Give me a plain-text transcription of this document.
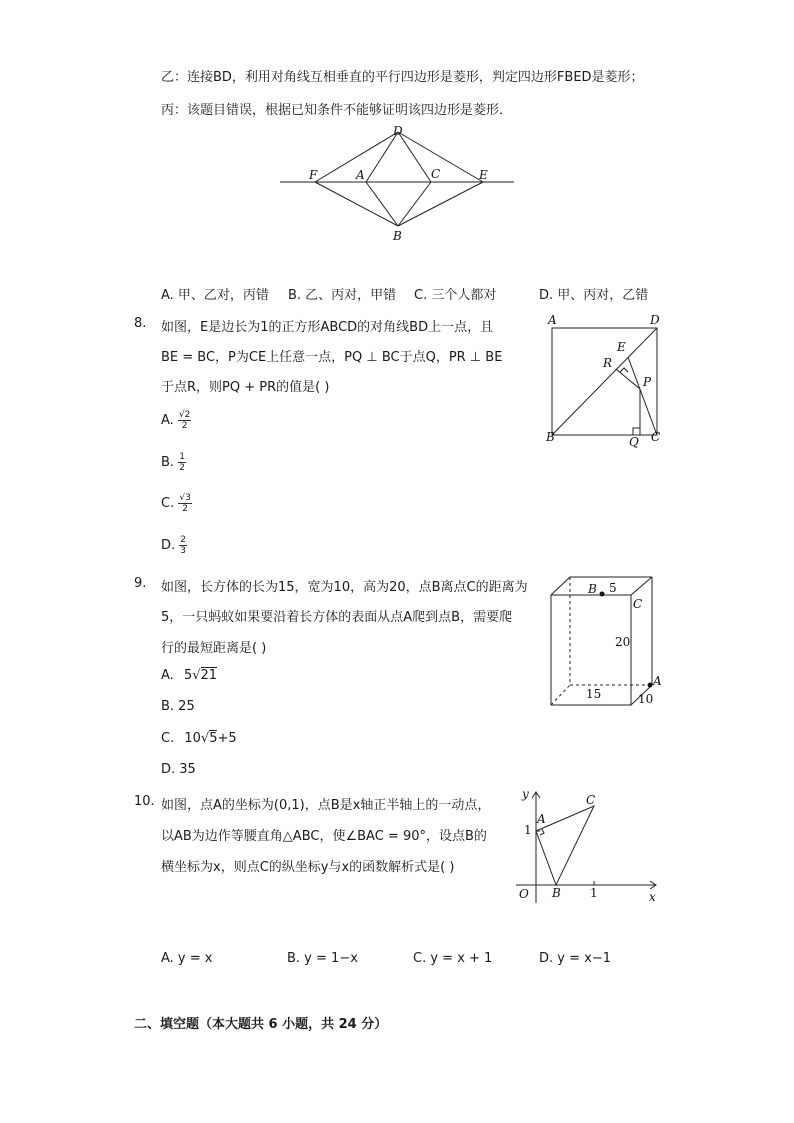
乙：连接BD，利用对角线互相垂直的平行四边形是菱形，判定四边形FBED是菱形；
丙：该题目错误，根据已知条件不能够证明该四边形是菱形．
D
F	A	C	E
B
A. 甲、乙对，丙错 B. 乙、丙对，甲错 C. 三个人都对	D. 甲、丙对，乙错
8. 如图，E是边长为1的正方形ABCD的对角线BD上一点，且
BE = BC，P为CE上任意一点，PQ ⊥ BC于点Q，PR ⊥ BE
于点R，则PQ + PR的值是( )
A. $\frac{√2}{2}$
B. $\frac{1}{2}$
C. $\frac{√3}{2}$
D. $\frac{2}{3}$
A	D
E
R
P
B	Q C
9. 如图，长方体的长为15，宽为10，高为20，点B离点C的距离为
5，一只蚂蚁如果要沿着长方体的表面从点A爬到点B，需要爬
行的最短距离是( )
A. 5√21
B. 25
C. 10√5+5
D. 35
B 5
C
20
A
15	10
10. 如图，点A的坐标为(0,1)，点B是x轴正半轴上的一动点，
以AB为边作等腰直角△ABC，使∠BAC = 90°，设点B的
横坐标为x，则点C的纵坐标y与x的函数解析式是( )
y
1
A
C
O B 1	x
A. y = x	B. y = 1−x	C. y = x + 1	D. y = x−1
二、填空题（本大题共 6 小题，共 24 分）
